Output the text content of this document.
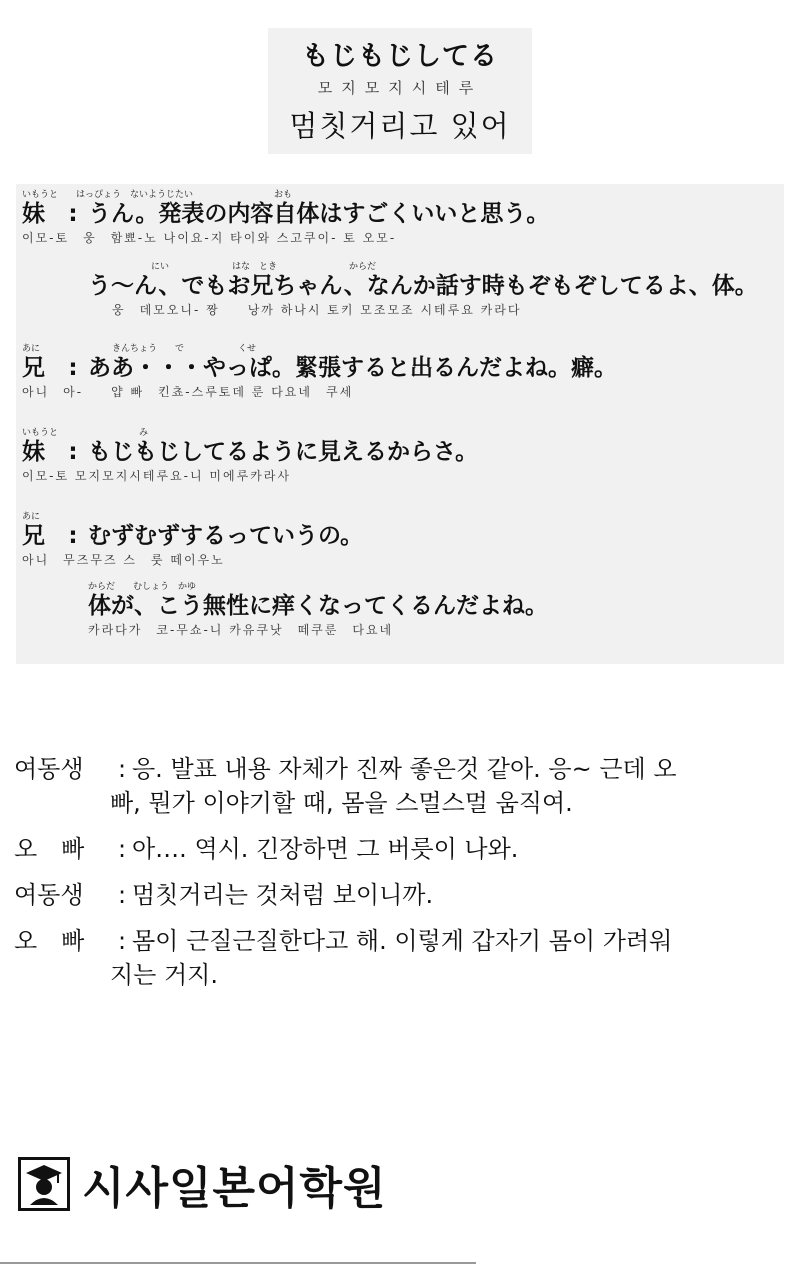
もじもじしてる
모지모지시테루
멈칫거리고 있어
いもうと　　はっぴょう　ないようじたい　　　　　　　　　おも
妹 : うん。発表の内容自体はすごくいいと思う。
이모-토　웅　함뾰-노 나이요-지 타이와 스고쿠이- 토 오모-
　　　　　　　にい　　　　　　　はな　とき　　　　　　　　からだ
う～ん、でもお兄ちゃん、なんか話す時もぞもぞしてるよ、体。
웅　데모오니- 짱　　낭까 하나시 토키 모조모조 시테루요 카라다
あに　　　　　　　　きんちょう　　で　　　　　　くせ
兄 : ああ・・・やっぱ。緊張すると出るんだよね。癖。
아니　아-　　얍 빠　킨쵸-스루토데 룬 다요네　쿠세
いもうと　　　　　　　　　み
妹 : もじもじしてるように見えるからさ。
이모-토 모지모지시테루요-니 미에루카라사
あに
兄 : むずむずするっていうの。
아니　무즈무즈 스　룻 떼이우노
からだ　　むしょう　かゆ
体が、こう無性に痒くなってくるんだよね。
카라다가　코-무쇼-니 카유쿠낫　떼쿠룬　다요네
여동생	: 응. 발표 내용 자체가 진짜 좋은것 같아. 응~ 근데 오
빠, 뭔가 이야기할 때, 몸을 스멀스멀 움직여.
오　빠	: 아…. 역시. 긴장하면 그 버릇이 나와.
여동생	: 멈칫거리는 것처럼 보이니까.
오　빠	: 몸이 근질근질한다고 해. 이렇게 갑자기 몸이 가려워
지는 거지.
시사일본어학원
